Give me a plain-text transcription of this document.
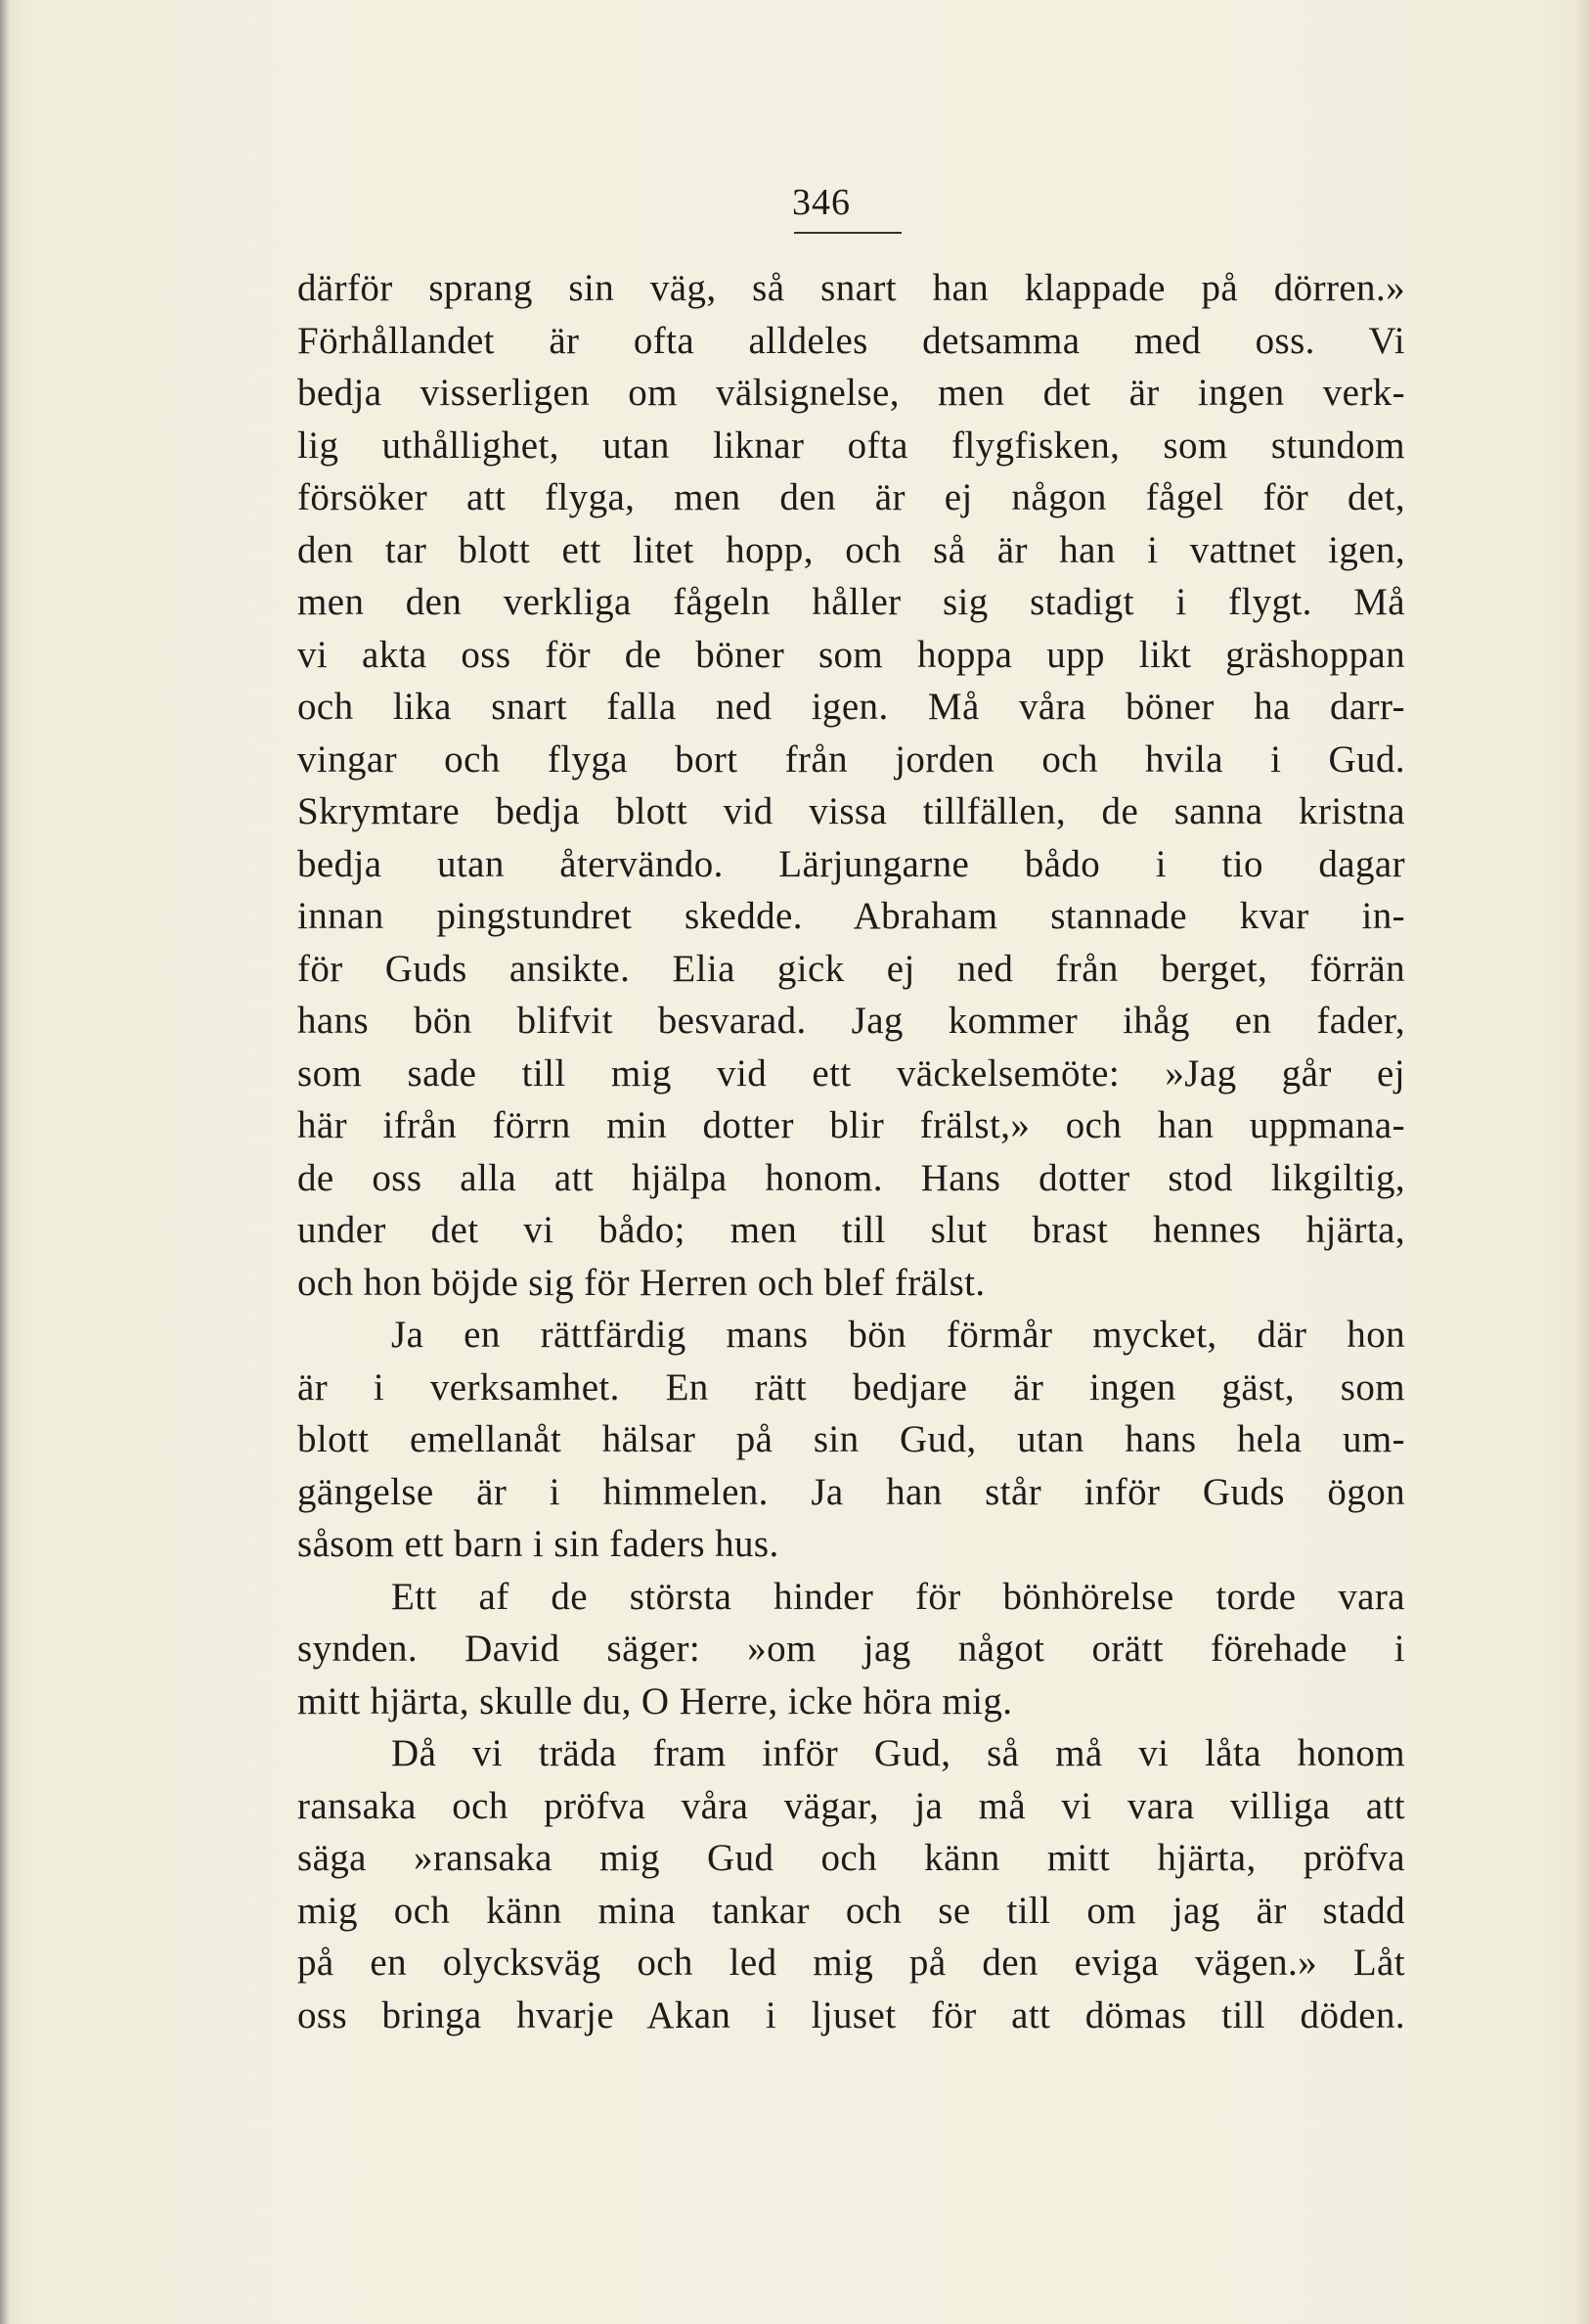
346
därför sprang sin väg, så snart han klappade på dörren.»
Förhållandet är ofta alldeles detsamma med oss. Vi
bedja visserligen om välsignelse, men det är ingen verk-
lig uthållighet, utan liknar ofta flygfisken, som stundom
försöker att flyga, men den är ej någon fågel för det,
den tar blott ett litet hopp, och så är han i vattnet igen,
men den verkliga fågeln håller sig stadigt i flygt. Må
vi akta oss för de böner som hoppa upp likt gräshoppan
och lika snart falla ned igen. Må våra böner ha darr-
vingar och flyga bort från jorden och hvila i Gud.
Skrymtare bedja blott vid vissa tillfällen, de sanna kristna
bedja utan återvändo. Lärjungarne bådo i tio dagar
innan pingstundret skedde. Abraham stannade kvar in-
för Guds ansikte. Elia gick ej ned från berget, förrän
hans bön blifvit besvarad. Jag kommer ihåg en fader,
som sade till mig vid ett väckelsemöte: »Jag går ej
här ifrån förrn min dotter blir frälst,» och han uppmana-
de oss alla att hjälpa honom. Hans dotter stod likgiltig,
under det vi bådo; men till slut brast hennes hjärta,
och hon böjde sig för Herren och blef frälst.
Ja en rättfärdig mans bön förmår mycket, där hon
är i verksamhet. En rätt bedjare är ingen gäst, som
blott emellanåt hälsar på sin Gud, utan hans hela um-
gängelse är i himmelen. Ja han står inför Guds ögon
såsom ett barn i sin faders hus.
Ett af de största hinder för bönhörelse torde vara
synden. David säger: »om jag något orätt förehade i
mitt hjärta, skulle du, O Herre, icke höra mig.
Då vi träda fram inför Gud, så må vi låta honom
ransaka och pröfva våra vägar, ja må vi vara villiga att
säga »ransaka mig Gud och känn mitt hjärta, pröfva
mig och känn mina tankar och se till om jag är stadd
på en olycksväg och led mig på den eviga vägen.» Låt
oss bringa hvarje Akan i ljuset för att dömas till döden.
